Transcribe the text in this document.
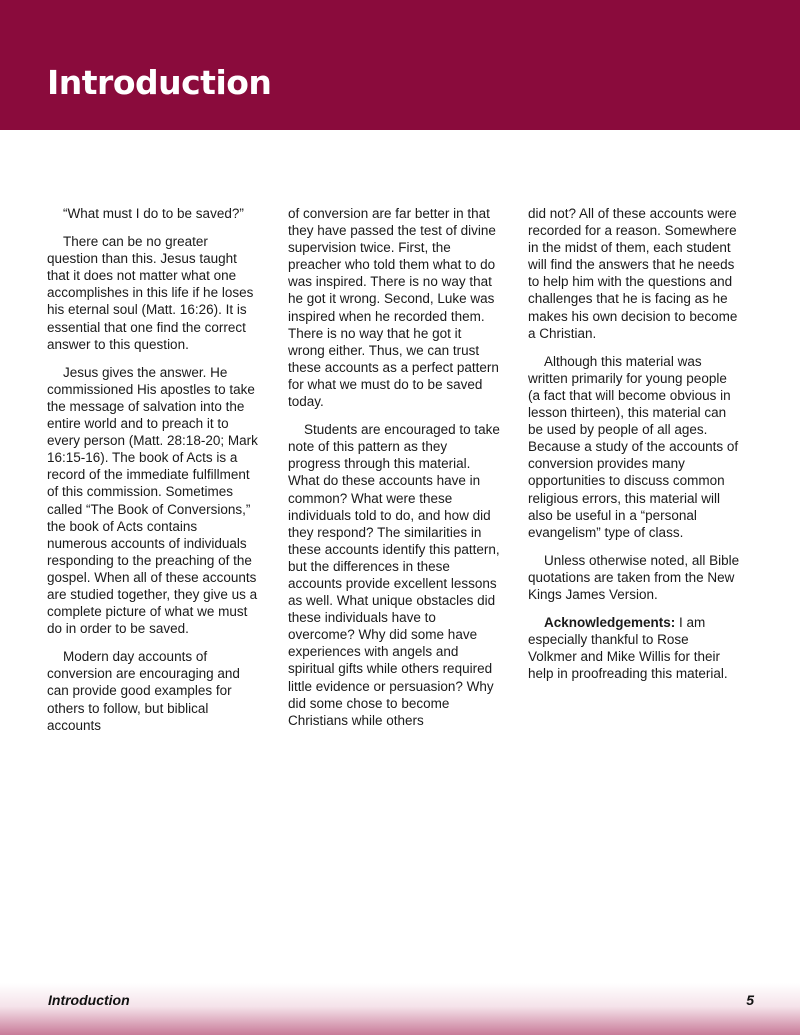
Introduction

“What must I do to be saved?”

There can be no greater question than this. Jesus taught that it does not matter what one accomplishes in this life if he loses his eternal soul (Matt. 16:26). It is essential that one find the correct answer to this question.

Jesus gives the answer. He commissioned His apostles to take the message of salvation into the entire world and to preach it to every person (Matt. 28:18-20; Mark 16:15-16). The book of Acts is a record of the immediate fulfillment of this commission. Sometimes called “The Book of Conversions,” the book of Acts contains numerous accounts of individuals responding to the preaching of the gospel. When all of these accounts are studied together, they give us a complete picture of what we must do in order to be saved.

Modern day accounts of conversion are encouraging and can provide good examples for others to follow, but biblical accounts

of conversion are far better in that they have passed the test of divine supervision twice. First, the preacher who told them what to do was inspired. There is no way that he got it wrong. Second, Luke was inspired when he recorded them. There is no way that he got it wrong either. Thus, we can trust these accounts as a perfect pattern for what we must do to be saved today.

Students are encouraged to take note of this pattern as they progress through this material. What do these accounts have in common? What were these individuals told to do, and how did they respond? The similarities in these accounts identify this pattern, but the differences in these accounts provide excellent lessons as well. What unique obstacles did these individuals have to overcome? Why did some have experiences with angels and spiritual gifts while others required little evidence or persuasion? Why did some chose to become Christians while others

did not? All of these accounts were recorded for a reason. Somewhere in the midst of them, each student will find the answers that he needs to help him with the questions and challenges that he is facing as he makes his own decision to become a Christian.

Although this material was written primarily for young people (a fact that will become obvious in lesson thirteen), this material can be used by people of all ages. Because a study of the accounts of conversion provides many opportunities to discuss common religious errors, this material will also be useful in a “personal evangelism” type of class.

Unless otherwise noted, all Bible quotations are taken from the New Kings James Version.

Acknowledgements: I am especially thankful to Rose Volkmer and Mike Willis for their help in proofreading this material.

Introduction	5
